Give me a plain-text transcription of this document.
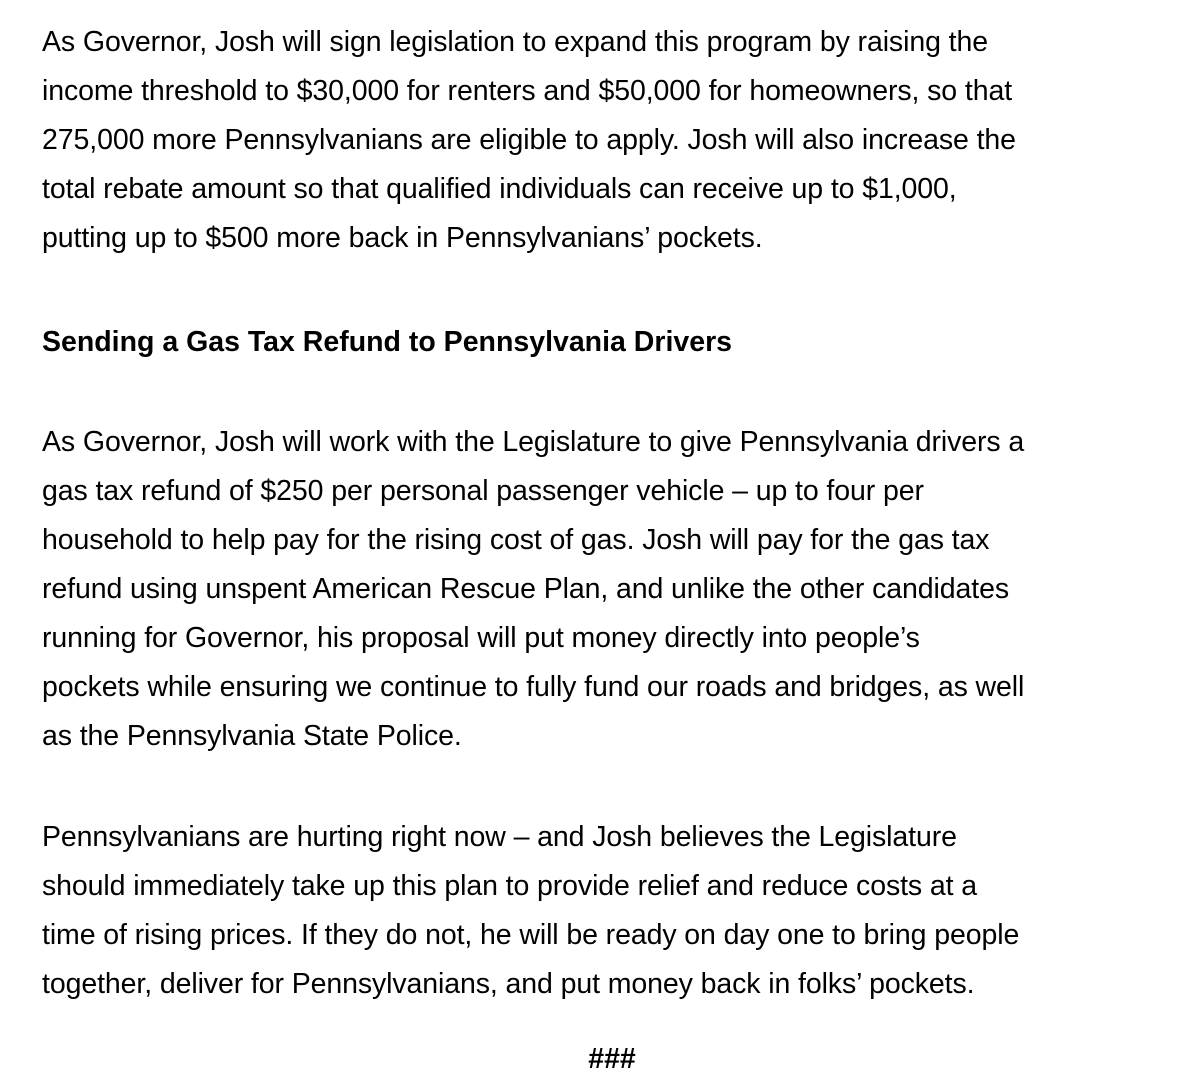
As Governor, Josh will sign legislation to expand this program by raising the
income threshold to $30,000 for renters and $50,000 for homeowners, so that
275,000 more Pennsylvanians are eligible to apply. Josh will also increase the
total rebate amount so that qualified individuals can receive up to $1,000,
putting up to $500 more back in Pennsylvanians’ pockets.

Sending a Gas Tax Refund to Pennsylvania Drivers

As Governor, Josh will work with the Legislature to give Pennsylvania drivers a
gas tax refund of $250 per personal passenger vehicle – up to four per
household to help pay for the rising cost of gas. Josh will pay for the gas tax
refund using unspent American Rescue Plan, and unlike the other candidates
running for Governor, his proposal will put money directly into people’s
pockets while ensuring we continue to fully fund our roads and bridges, as well
as the Pennsylvania State Police.

Pennsylvanians are hurting right now – and Josh believes the Legislature
should immediately take up this plan to provide relief and reduce costs at a
time of rising prices. If they do not, he will be ready on day one to bring people
together, deliver for Pennsylvanians, and put money back in folks’ pockets.

###
